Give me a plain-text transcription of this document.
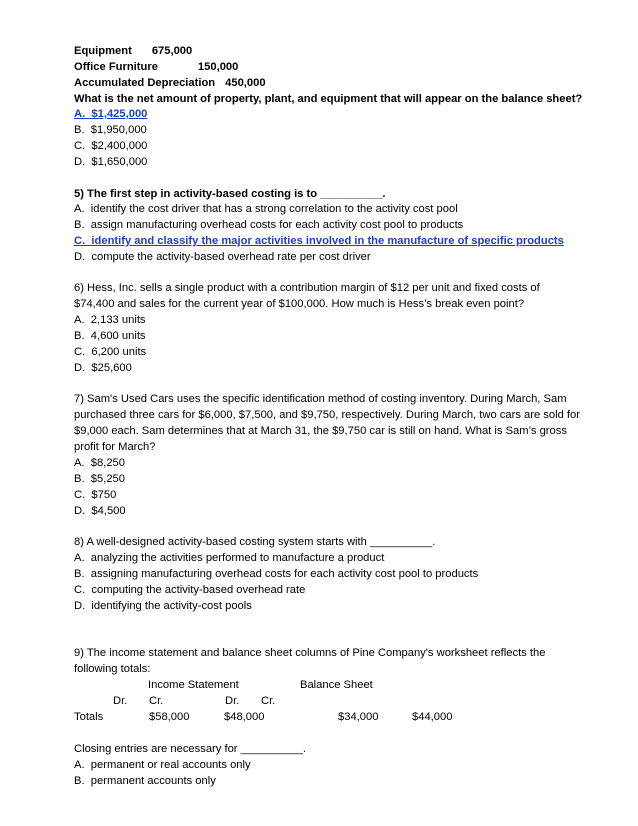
Equipment 675,000
Office Furniture	150,000
Accumulated Depreciation 450,000
What is the net amount of property, plant, and equipment that will appear on the balance sheet?
A.  $1,425,000
B.  $1,950,000
C.  $2,400,000
D.  $1,650,000
5) The first step in activity-based costing is to __________.
A.  identify the cost driver that has a strong correlation to the activity cost pool
B.  assign manufacturing overhead costs for each activity cost pool to products
C.  identify and classify the major activities involved in the manufacture of specific products
D.  compute the activity-based overhead rate per cost driver
6) Hess, Inc. sells a single product with a contribution margin of $12 per unit and fixed costs of
$74,400 and sales for the current year of $100,000. How much is Hess’s break even point?
A.  2,133 units
B.  4,600 units
C.  6,200 units
D.  $25,600
7) Sam's Used Cars uses the specific identification method of costing inventory. During March, Sam
purchased three cars for $6,000, $7,500, and $9,750, respectively. During March, two cars are sold for
$9,000 each. Sam determines that at March 31, the $9,750 car is still on hand. What is Sam’s gross
profit for March?
A.  $8,250
B.  $5,250
C.  $750
D.  $4,500
8) A well-designed activity-based costing system starts with __________.
A.  analyzing the activities performed to manufacture a product
B.  assigning manufacturing overhead costs for each activity cost pool to products
C.  computing the activity-based overhead rate
D.  identifying the activity-cost pools
9) The income statement and balance sheet columns of Pine Company's worksheet reflects the
following totals:
Income Statement	Balance Sheet
Dr. Cr.	Dr. Cr.
Totals	$58,000	$48,000	$34,000	$44,000
Closing entries are necessary for __________.
A.  permanent or real accounts only
B.  permanent accounts only
